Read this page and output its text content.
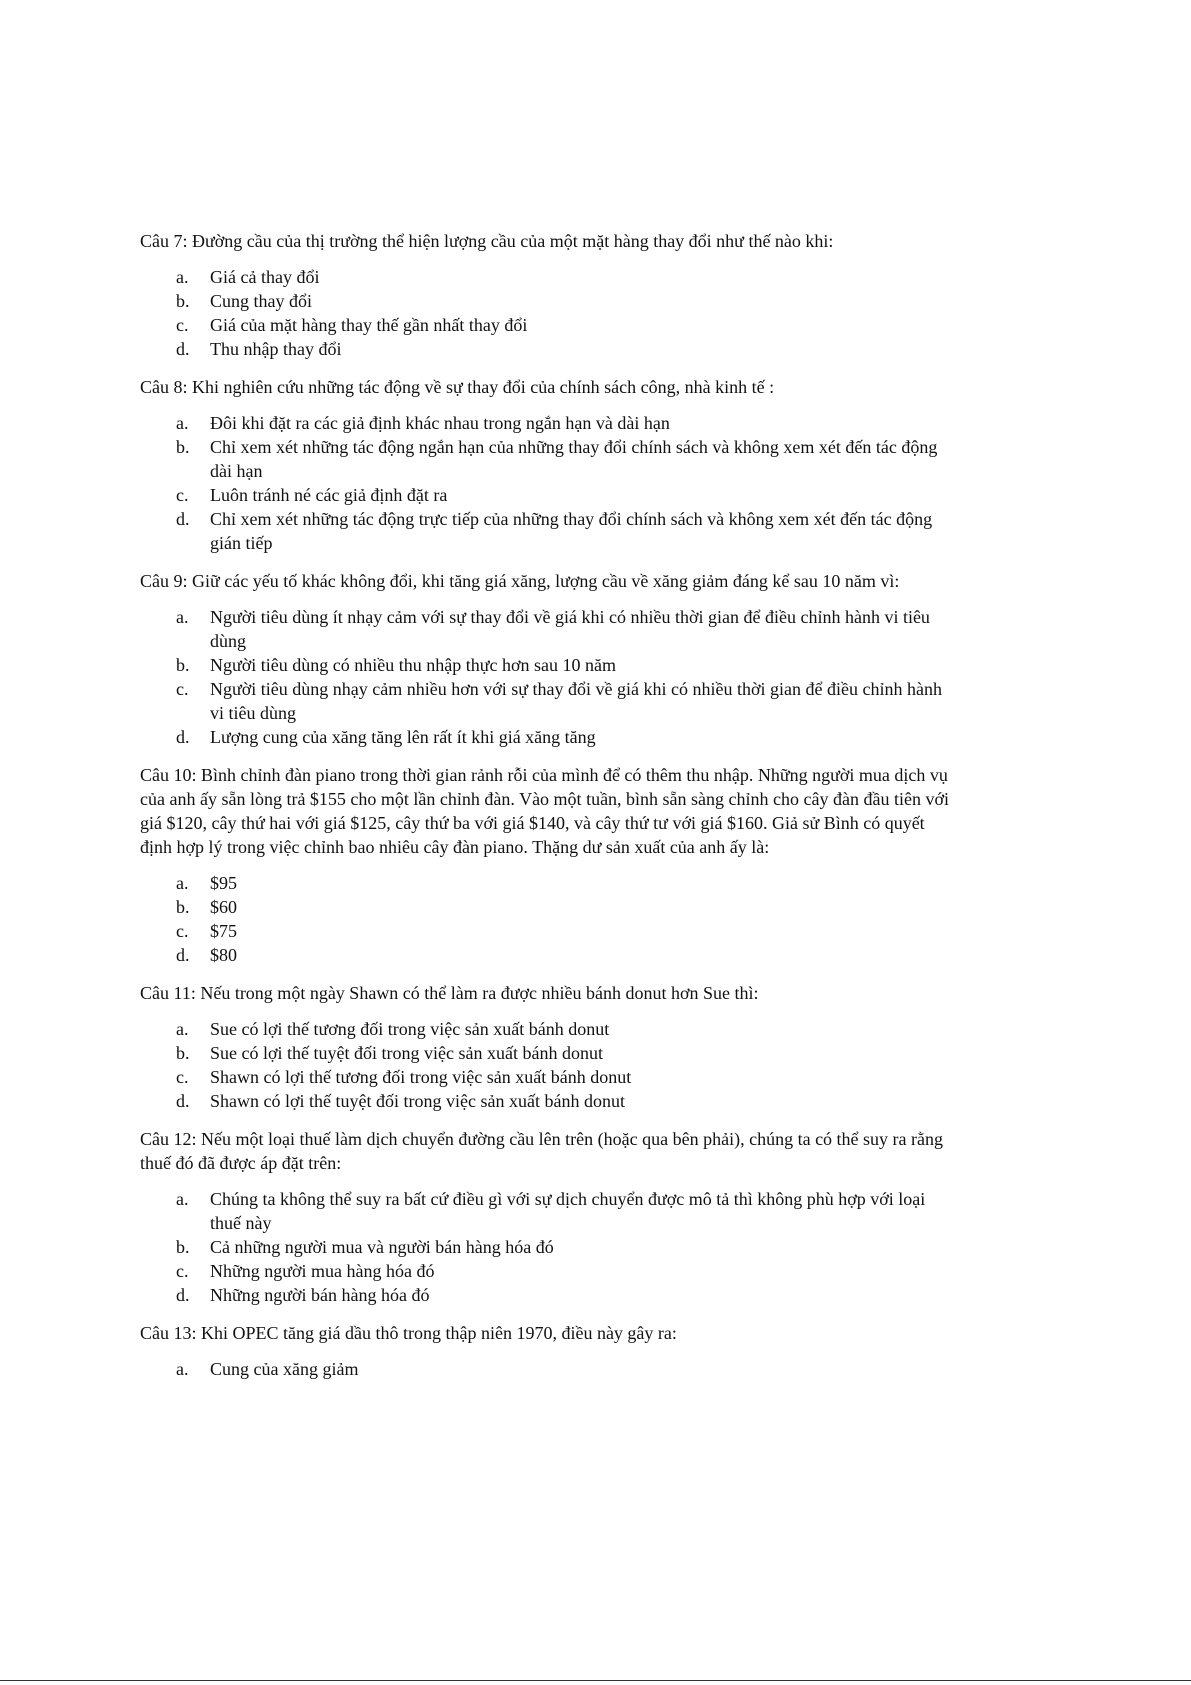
Câu 7: Đường cầu của thị trường thể hiện lượng cầu của một mặt hàng thay đổi như thế nào khi:

a. Giá cả thay đổi
b. Cung thay đổi
c. Giá của mặt hàng thay thế gần nhất thay đổi
d. Thu nhập thay đổi

Câu 8: Khi nghiên cứu những tác động về sự thay đổi của chính sách công, nhà kinh tế :

a. Đôi khi đặt ra các giả định khác nhau trong ngắn hạn và dài hạn
b. Chỉ xem xét những tác động ngắn hạn của những thay đổi chính sách và không xem xét đến tác động dài hạn
c. Luôn tránh né các giả định đặt ra
d. Chỉ xem xét những tác động trực tiếp của những thay đổi chính sách và không xem xét đến tác động gián tiếp

Câu 9: Giữ các yếu tố khác không đổi, khi tăng giá xăng, lượng cầu về xăng giảm đáng kể sau 10 năm vì:

a. Người tiêu dùng ít nhạy cảm với sự thay đổi về giá khi có nhiều thời gian để điều chỉnh hành vi tiêu dùng
b. Người tiêu dùng có nhiều thu nhập thực hơn sau 10 năm
c. Người tiêu dùng nhạy cảm nhiều hơn với sự thay đổi về giá khi có nhiều thời gian để điều chỉnh hành vi tiêu dùng
d. Lượng cung của xăng tăng lên rất ít khi giá xăng tăng

Câu 10: Bình chỉnh đàn piano trong thời gian rảnh rỗi của mình để có thêm thu nhập. Những người mua dịch vụ của anh ấy sẵn lòng trả $155 cho một lần chỉnh đàn. Vào một tuần, bình sẵn sàng chỉnh cho cây đàn đầu tiên với giá $120, cây thứ hai với giá $125, cây thứ ba với giá $140, và cây thứ tư với giá $160. Giả sử Bình có quyết định hợp lý trong việc chỉnh bao nhiêu cây đàn piano. Thặng dư sản xuất của anh ấy là:

a. $95
b. $60
c. $75
d. $80

Câu 11: Nếu trong một ngày Shawn có thể làm ra được nhiều bánh donut hơn Sue thì:

a. Sue có lợi thế tương đối trong việc sản xuất bánh donut
b. Sue có lợi thế tuyệt đối trong việc sản xuất bánh donut
c. Shawn có lợi thế tương đối trong việc sản xuất bánh donut
d. Shawn có lợi thế tuyệt đối trong việc sản xuất bánh donut

Câu 12: Nếu một loại thuế làm dịch chuyển đường cầu lên trên (hoặc qua bên phải), chúng ta có thể suy ra rằng thuế đó đã được áp đặt trên:

a. Chúng ta không thể suy ra bất cứ điều gì với sự dịch chuyển được mô tả thì không phù hợp với loại thuế này
b. Cả những người mua và người bán hàng hóa đó
c. Những người mua hàng hóa đó
d. Những người bán hàng hóa đó

Câu 13: Khi OPEC tăng giá dầu thô trong thập niên 1970, điều này gây ra:

a. Cung của xăng giảm
